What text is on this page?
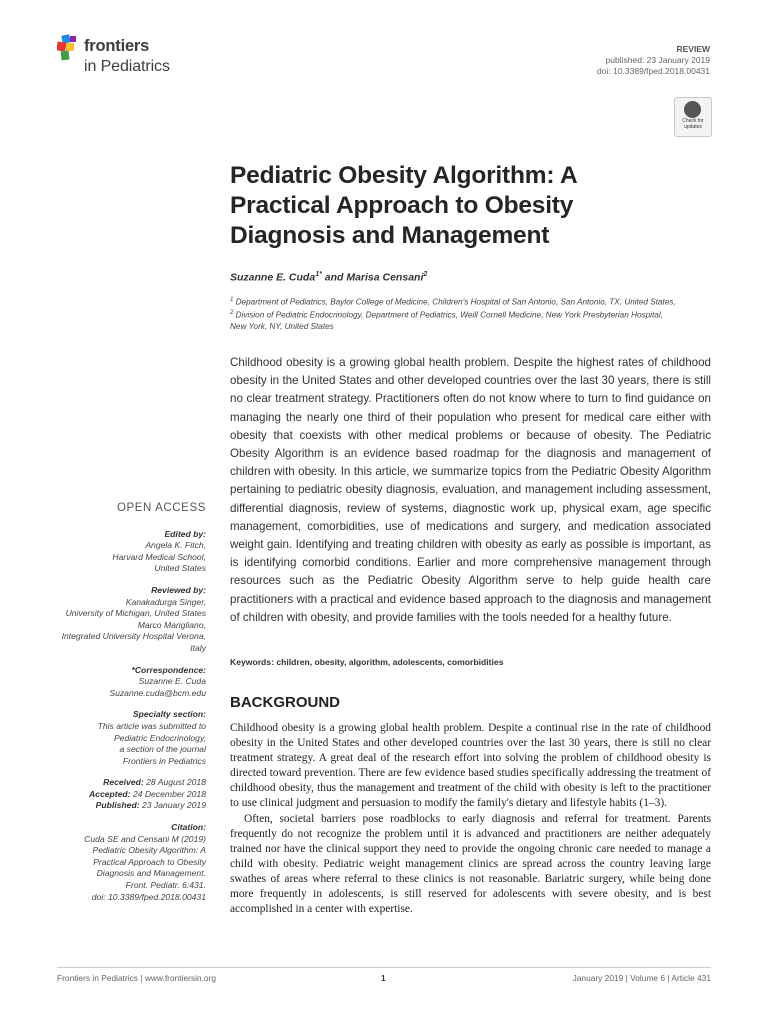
frontiers
in Pediatrics
REVIEW
published: 23 January 2019
doi: 10.3389/fped.2018.00431
Check for
updates
Pediatric Obesity Algorithm: A
Practical Approach to Obesity
Diagnosis and Management
Suzanne E. Cuda$^{1*}$ and Marisa Censani$^2$
$^1$ Department of Pediatrics, Baylor College of Medicine, Children's Hospital of San Antonio, San Antonio, TX, United States,
$^2$ Division of Pediatric Endocrinology, Department of Pediatrics, Weill Cornell Medicine, New York Presbyterian Hospital,
New York, NY, United States
Childhood obesity is a growing global health problem. Despite the highest rates of childhood obesity in the United States and other developed countries over the last 30 years, there is still no clear treatment strategy. Practitioners often do not know where to turn to find guidance on managing the nearly one third of their population who present for medical care either with obesity that coexists with other medical problems or because of obesity. The Pediatric Obesity Algorithm is an evidence based roadmap for the diagnosis and management of children with obesity. In this article, we summarize topics from the Pediatric Obesity Algorithm pertaining to pediatric obesity diagnosis, evaluation, and management including assessment, differential diagnosis, review of systems, diagnostic work up, physical exam, age specific management, comorbidities, use of medications and surgery, and medication associated weight gain. Identifying and treating children with obesity as early as possible is important, as is identifying comorbid conditions. Earlier and more comprehensive management through resources such as the Pediatric Obesity Algorithm serve to help guide health care practitioners with a practical and evidence based approach to the diagnosis and management of children with obesity, and provide families with the tools needed for a healthy future.
Keywords: children, obesity, algorithm, adolescents, comorbidities
BACKGROUND

Childhood obesity is a growing global health problem. Despite a continual rise in the rate of childhood obesity in the United States and other developed countries over the last 30 years, there is still no clear treatment strategy. A great deal of the research effort into solving the problem of childhood obesity is directed toward prevention. There are few evidence based studies specifically addressing the treatment of childhood obesity, thus the management and treatment of the child with obesity is left to the practitioner to use clinical judgment and persuasion to modify the family's dietary and lifestyle habits (1–3).

Often, societal barriers pose roadblocks to early diagnosis and referral for treatment. Parents frequently do not recognize the problem until it is advanced and practitioners are neither adequately trained nor have the clinical support they need to provide the ongoing chronic care needed to manage a child with obesity. Pediatric weight management clinics are spread across the country leaving large swathes of areas where referral to these clinics is not reasonable. Bariatric surgery, while being done more frequently in adolescents, is still reserved for adolescents with severe obesity, and is best accomplished in a center with expertise.

OPEN ACCESS
Edited by:
Angela K. Fitch,
Harvard Medical School,
United States
Reviewed by:
Kanakadurga Singer,
University of Michigan, United States
Marco Marigliano,
Integrated University Hospital Verona,
Italy
*Correspondence:
Suzanne E. Cuda
Suzanne.cuda@bcm.edu
Specialty section:
This article was submitted to
Pediatric Endocrinology,
a section of the journal
Frontiers in Pediatrics
Received: 28 August 2018
Accepted: 24 December 2018
Published: 23 January 2019
Citation:
Cuda SE and Censani M (2019)
Pediatric Obesity Algorithm: A
Practical Approach to Obesity
Diagnosis and Management.
Front. Pediatr. 6:431.
doi: 10.3389/fped.2018.00431
Frontiers in Pediatrics | www.frontiersin.org	1	January 2019 | Volume 6 | Article 431
